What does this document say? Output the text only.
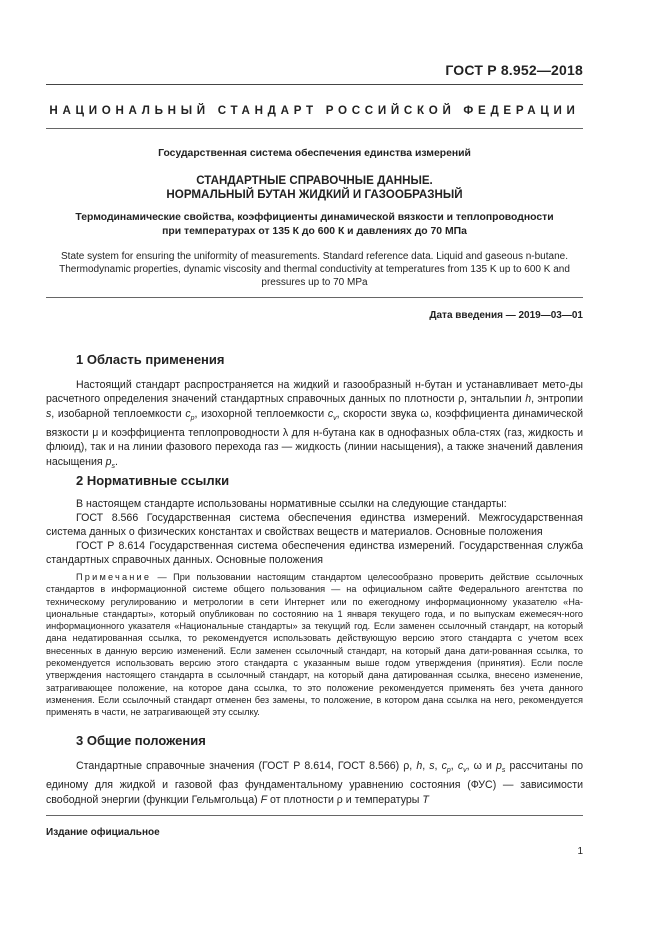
ГОСТ Р 8.952—2018
НАЦИОНАЛЬНЫЙ СТАНДАРТ РОССИЙСКОЙ ФЕДЕРАЦИИ
Государственная система обеспечения единства измерений
СТАНДАРТНЫЕ СПРАВОЧНЫЕ ДАННЫЕ.
НОРМАЛЬНЫЙ БУТАН ЖИДКИЙ И ГАЗООБРАЗНЫЙ
Термодинамические свойства, коэффициенты динамической вязкости и теплопроводности
при температурах от 135 К до 600 К и давлениях до 70 МПа
State system for ensuring the uniformity of measurements. Standard reference data. Liquid and gaseous n-butane.
Thermodynamic properties, dynamic viscosity and thermal conductivity at temperatures from 135 K up to 600 K and
pressures up to 70 MPa
Дата введения — 2019—03—01
1 Область применения
Настоящий стандарт распространяется на жидкий и газообразный н-бутан и устанавливает мето-ды расчетного определения значений стандартных справочных данных по плотности ρ, энтальпии h, энтропии s, изобарной теплоемкости $c_p$, изохорной теплоемкости $c_v$, скорости звука ω, коэффициента динамической вязкости μ и коэффициента теплопроводности λ для н-бутана как в однофазных обла-стях (газ, жидкость и флюид), так и на линии фазового перехода газ — жидкость (линии насыщения), а также значений давления насыщения $p_s$.
2 Нормативные ссылки
В настоящем стандарте использованы нормативные ссылки на следующие стандарты:
ГОСТ 8.566 Государственная система обеспечения единства измерений. Межгосударственная система данных о физических константах и свойствах веществ и материалов. Основные положения
ГОСТ Р 8.614 Государственная система обеспечения единства измерений. Государственная служба стандартных справочных данных. Основные положения
Примечание — При пользовании настоящим стандартом целесообразно проверить действие ссылочных стандартов в информационной системе общего пользования — на официальном сайте Федерального агентства по техническому регулированию и метрологии в сети Интернет или по ежегодному информационному указателю «На-циональные стандарты», который опубликован по состоянию на 1 января текущего года, и по выпускам ежемесяч-ного информационного указателя «Национальные стандарты» за текущий год. Если заменен ссылочный стандарт, на который дана недатированная ссылка, то рекомендуется использовать действующую версию этого стандарта с учетом всех внесенных в данную версию изменений. Если заменен ссылочный стандарт, на который дана дати-рованная ссылка, то рекомендуется использовать версию этого стандарта с указанным выше годом утверждения (принятия). Если после утверждения настоящего стандарта в ссылочный стандарт, на который дана датированная ссылка, внесено изменение, затрагивающее положение, на которое дана ссылка, то это положение рекомендуется применять без учета данного изменения. Если ссылочный стандарт отменен без замены, то положение, в котором дана ссылка на него, рекомендуется применять в части, не затрагивающей эту ссылку.
3 Общие положения
Стандартные справочные значения (ГОСТ Р 8.614, ГОСТ 8.566) ρ, h, s, $c_p$, $c_v$, ω и $p_s$ рассчитаны по единому для жидкой и газовой фаз фундаментальному уравнению состояния (ФУС) — зависимости свободной энергии (функции Гельмгольца) F от плотности ρ и температуры T
Издание официальное
1
